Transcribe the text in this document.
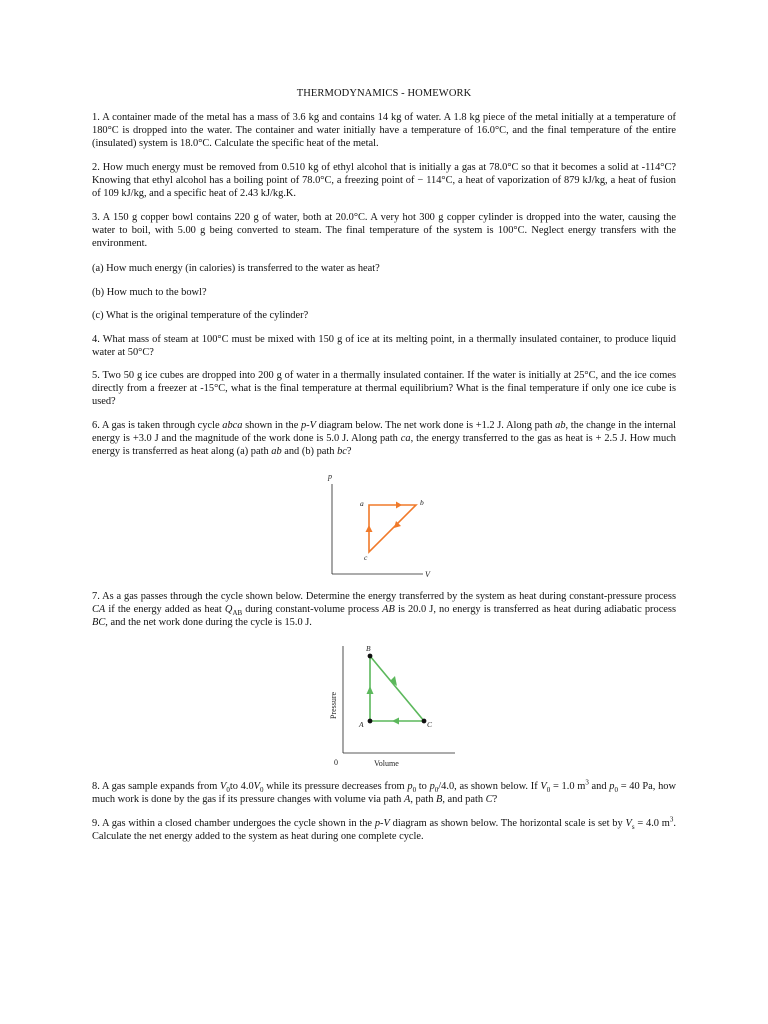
THERMODYNAMICS - HOMEWORK

1. A container made of the metal has a mass of 3.6 kg and contains 14 kg of water. A 1.8 kg piece of the metal initially at a temperature of 180°C is dropped into the water. The container and water initially have a temperature of 16.0°C, and the final temperature of the entire (insulated) system is 18.0°C. Calculate the specific heat of the metal.

2. How much energy must be removed from 0.510 kg of ethyl alcohol that is initially a gas at 78.0°C so that it becomes a solid at -114°C? Knowing that ethyl alcohol has a boiling point of 78.0°C, a freezing point of − 114°C, a heat of vaporization of 879 kJ/kg, a heat of fusion of 109 kJ/kg, and a specific heat of 2.43 kJ/kg.K.

3. A 150 g copper bowl contains 220 g of water, both at 20.0°C. A very hot 300 g copper cylinder is dropped into the water, causing the water to boil, with 5.00 g being converted to steam. The final temperature of the system is 100°C. Neglect energy transfers with the environment.

(a) How much energy (in calories) is transferred to the water as heat?

(b) How much to the bowl?

(c) What is the original temperature of the cylinder?

4. What mass of steam at 100°C must be mixed with 150 g of ice at its melting point, in a thermally insulated container, to produce liquid water at 50°C?

5. Two 50 g ice cubes are dropped into 200 g of water in a thermally insulated container. If the water is initially at 25°C, and the ice comes directly from a freezer at -15°C, what is the final temperature at thermal equilibrium? What is the final temperature if only one ice cube is used?

6. A gas is taken through cycle abca shown in the p-V diagram below. The net work done is +1.2 J. Along path ab, the change in the internal energy is +3.0 J and the magnitude of the work done is 5.0 J. Along path ca, the energy transferred to the gas as heat is + 2.5 J. How much energy is transferred as heat along (a) path ab and (b) path bc?

p
V
a	b
c

7. As a gas passes through the cycle shown below. Determine the energy transferred by the system as heat during constant-pressure process CA if the energy added as heat $Q_{AB}$ during constant-volume process AB is 20.0 J, no energy is transferred as heat during adiabatic process BC, and the net work done during the cycle is 15.0 J.

0
Pressure
Volume
B
A	C

8. A gas sample expands from $V_0to$ $4.0V_0$ while its pressure decreases from $p_0$ to $p_0/4.0$, as shown below. If $V_0 = 1.0$ $m^3$ and $p_0 = 40$ Pa, how much work is done by the gas if its pressure changes with volume via path A, path B, and path C?

9. A gas within a closed chamber undergoes the cycle shown in the p-V diagram as shown below. The horizontal scale is set by $V_s = 4.0$ $m^3$. Calculate the net energy added to the system as heat during one complete cycle.
